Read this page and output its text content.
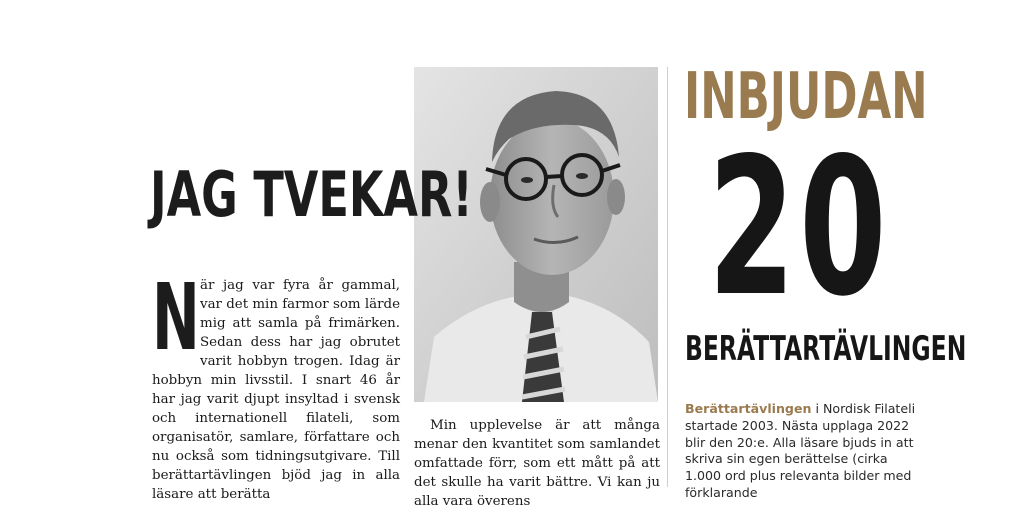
JAG TVEKAR!
N är jag var fyra år gammal, var det min farmor som lärde mig att samla på frimärken. Sedan dess har jag obrutet varit hobbyn trogen. Idag är hobbyn min livsstil. I snart 46 år har jag varit djupt insyltad i svensk och internationell filateli, som organisatör, samlare, författare och nu också som tidningsutgivare. Till berättartävlingen bjöd jag in alla läsare att berätta
Min upplevelse är att många menar den kvantitet som samlandet omfattade förr, som ett mått på att det skulle ha varit bättre. Vi kan ju alla vara överens
INBJUDAN
20
BERÄTTARTÄVLINGEN
Berättartävlingen i Nordisk Filateli startade 2003. Nästa upplaga 2022 blir den 20:e. Alla läsare bjuds in att skriva sin egen berättelse (cirka 1.000 ord plus relevanta bilder med förklarande
